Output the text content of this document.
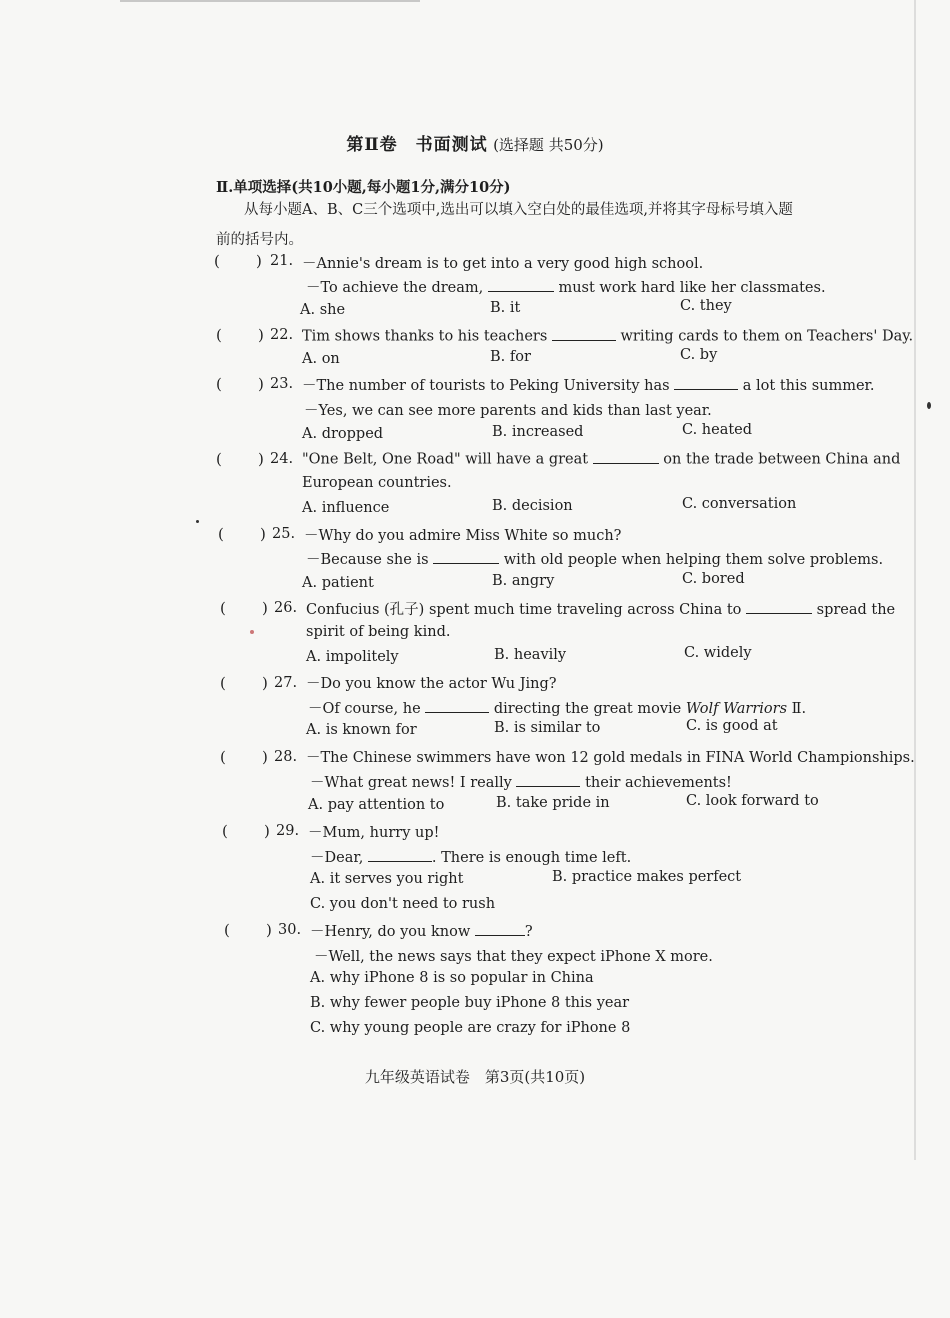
第Ⅱ卷　书面测试 (选择题 共50分)
Ⅱ.单项选择(共10小题,每小题1分,满分10分)
从每小题A、B、C三个选项中,选出可以填入空白处的最佳选项,并将其字母标号填入题
前的括号内。
( ) 21. －Annie's dream is to get into a very good high school.
－To achieve the dream,	must work hard like her classmates.
A. she	B. it	C. they
( ) 22. Tim shows thanks to his teachers	writing cards to them on Teachers' Day.
A. on	B. for	C. by
( ) 23. －The number of tourists to Peking University has	a lot this summer.
－Yes, we can see more parents and kids than last year.
A. dropped	B. increased	C. heated
( ) 24. "One Belt, One Road" will have a great	on the trade between China and
European countries.
A. influence	B. decision	C. conversation
( ) 25. －Why do you admire Miss White so much?
－Because she is	with old people when helping them solve problems.
A. patient	B. angry	C. bored
( ) 26. Confucius (孔子) spent much time traveling across China to	spread the
spirit of being kind.
A. impolitely	B. heavily	C. widely
( ) 27. －Do you know the actor Wu Jing?
－Of course, he	directing the great movie Wolf Warriors Ⅱ.
A. is known for	B. is similar to	C. is good at
( ) 28. －The Chinese swimmers have won 12 gold medals in FINA World Championships.
－What great news! I really	their achievements!
A. pay attention to	B. take pride in	C. look forward to
( ) 29. －Mum, hurry up!
－Dear,	. There is enough time left.
A. it serves you right	B. practice makes perfect
C. you don't need to rush
( ) 30. －Henry, do you know	?
－Well, the news says that they expect iPhone Ⅹ more.
A. why iPhone 8 is so popular in China
B. why fewer people buy iPhone 8 this year
C. why young people are crazy for iPhone 8
九年级英语试卷　第3页(共10页)
